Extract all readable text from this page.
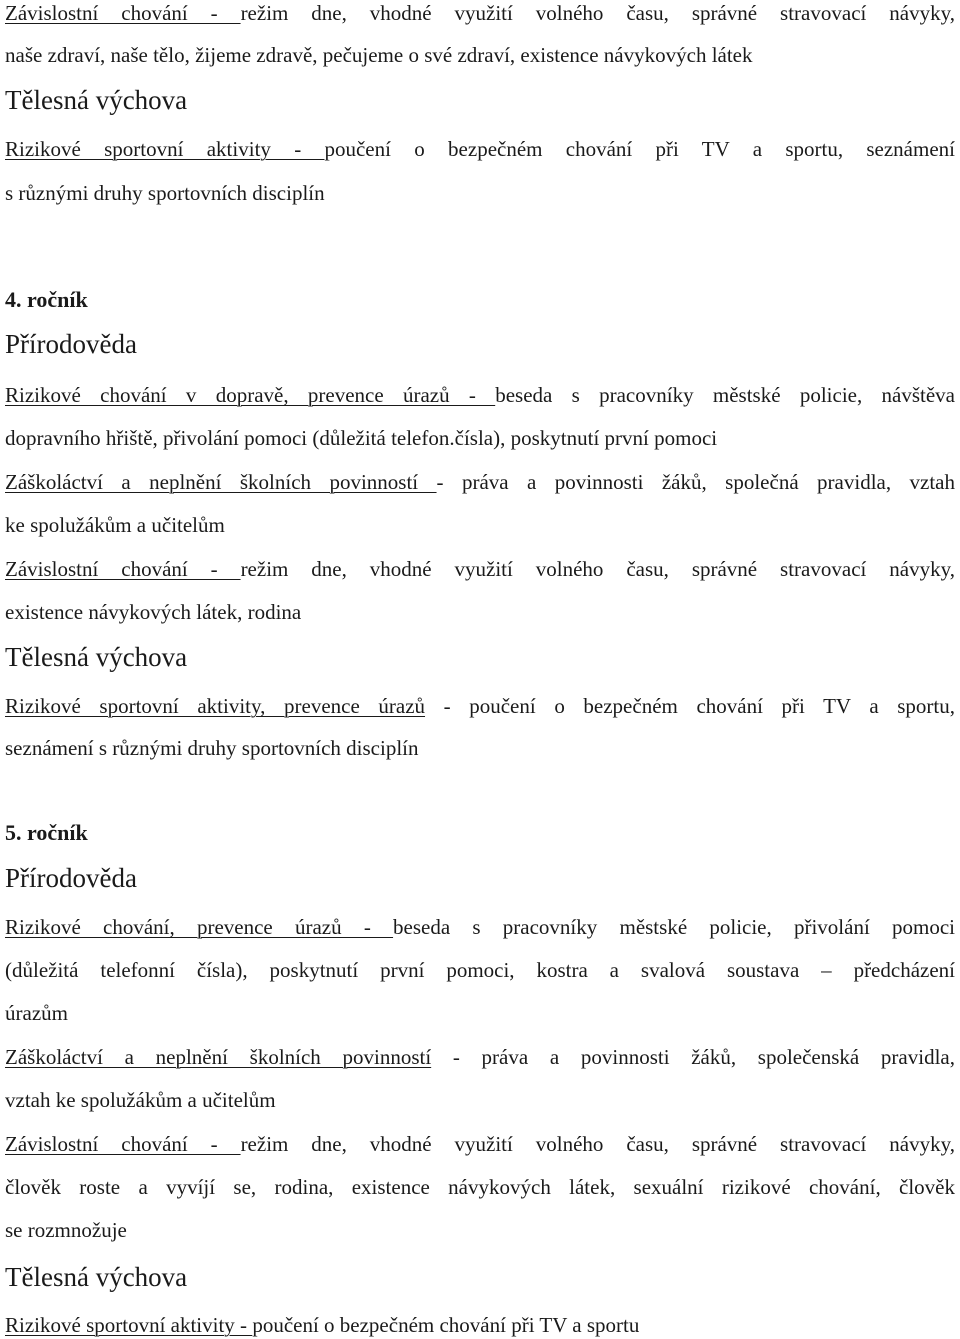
Závislostní chování - režim dne, vhodné využití volného času, správné stravovací návyky,
naše zdraví, naše tělo, žijeme zdravě, pečujeme o své zdraví, existence návykových látek
Tělesná výchova
Rizikové sportovní aktivity - poučení o bezpečném chování při TV a sportu, seznámení
s různými druhy sportovních disciplín
4. ročník
Přírodověda
Rizikové chování v dopravě, prevence úrazů - beseda s pracovníky městské policie, návštěva
dopravního hřiště, přivolání pomoci (důležitá telefon.čísla), poskytnutí první pomoci
Záškoláctví a neplnění školních povinností - práva a povinnosti žáků, společná pravidla, vztah
ke spolužákům a učitelům
Závislostní chování - režim dne, vhodné využití volného času, správné stravovací návyky,
existence návykových látek, rodina
Tělesná výchova
Rizikové sportovní aktivity, prevence úrazů - poučení o bezpečném chování při TV a sportu,
seznámení s různými druhy sportovních disciplín
5. ročník
Přírodověda
Rizikové chování, prevence úrazů - beseda s pracovníky městské policie, přivolání pomoci
(důležitá telefonní čísla), poskytnutí první pomoci, kostra a svalová soustava – předcházení
úrazům
Záškoláctví a neplnění školních povinností - práva a povinnosti žáků, společenská pravidla,
vztah ke spolužákům a učitelům
Závislostní chování - režim dne, vhodné využití volného času, správné stravovací návyky,
člověk roste a vyvíjí se, rodina, existence návykových látek, sexuální rizikové chování, člověk
se rozmnožuje
Tělesná výchova
Rizikové sportovní aktivity - poučení o bezpečném chování při TV a sportu
